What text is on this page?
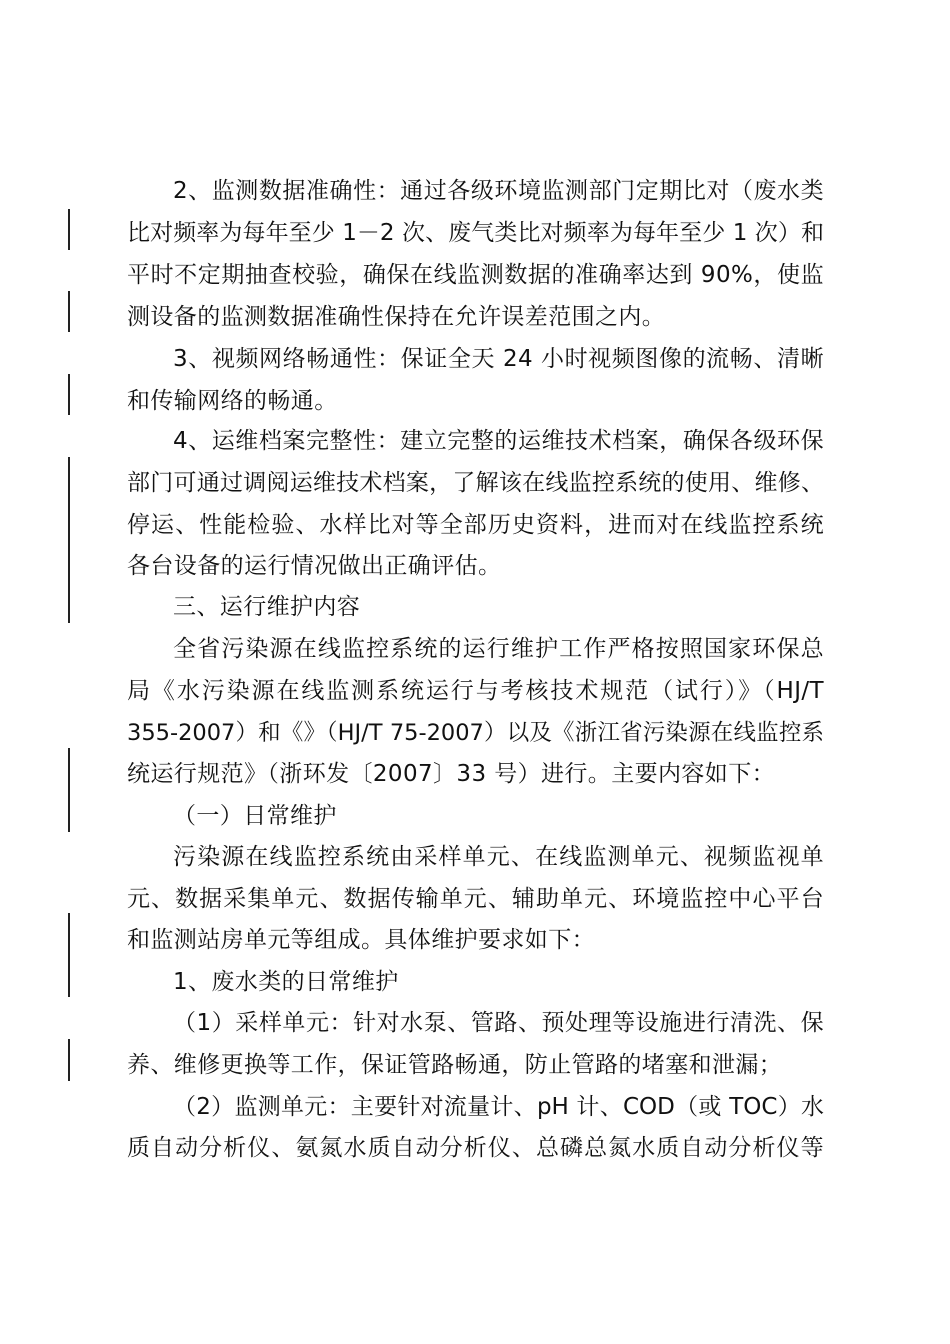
2、监测数据准确性：通过各级环境监测部门定期比对（废水类
比对频率为每年至少 1－2 次、废气类比对频率为每年至少 1 次）和
平时不定期抽查校验，确保在线监测数据的准确率达到 90%，使监
测设备的监测数据准确性保持在允许误差范围之内。
3、视频网络畅通性：保证全天 24 小时视频图像的流畅、清晰
和传输网络的畅通。
4、运维档案完整性：建立完整的运维技术档案，确保各级环保
部门可通过调阅运维技术档案，了解该在线监控系统的使用、维修、
停运、性能检验、水样比对等全部历史资料，进而对在线监控系统
各台设备的运行情况做出正确评估。
三、运行维护内容
全省污染源在线监控系统的运行维护工作严格按照国家环保总
局《水污染源在线监测系统运行与考核技术规范（试行）》（HJ/T
355-2007）和《》（HJ/T 75-2007）以及《浙江省污染源在线监控系
统运行规范》（浙环发〔2007〕33 号）进行。主要内容如下：
（一）日常维护
污染源在线监控系统由采样单元、在线监测单元、视频监视单
元、数据采集单元、数据传输单元、辅助单元、环境监控中心平台
和监测站房单元等组成。具体维护要求如下：
1、废水类的日常维护
（1）采样单元：针对水泵、管路、预处理等设施进行清洗、保
养、维修更换等工作，保证管路畅通，防止管路的堵塞和泄漏；
（2）监测单元：主要针对流量计、pH 计、COD（或 TOC）水
质自动分析仪、氨氮水质自动分析仪、总磷总氮水质自动分析仪等
